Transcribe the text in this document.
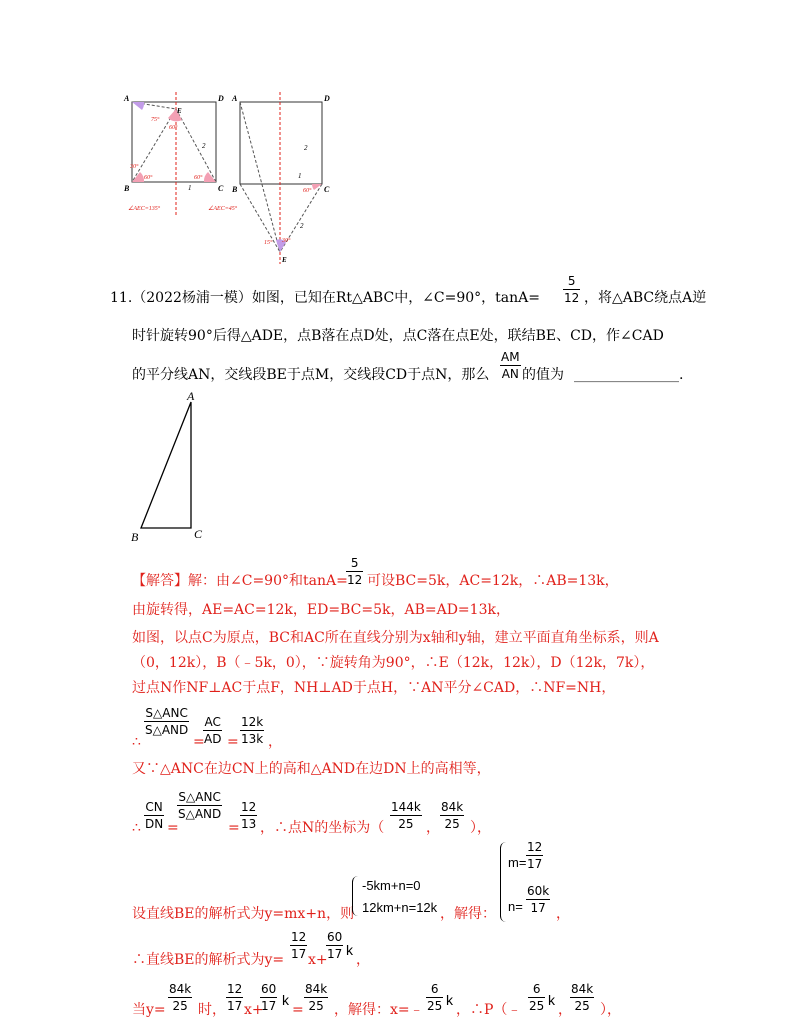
A	D
E
B	C
75°
60°
30°
60°	60°
2
1
∠AEC=135°
A	D
B	C
E
60°
15° 30°
2
1
2
∠AEC=45°
11.（2022杨浦一模）如图，已知在Rt△ABC中，∠C=90°，tanA=
5
12 ，将△ABC绕点A逆
时针旋转90°后得△ADE，点B落在点D处，点C落在点E处，联结BE、CD，作∠CAD
的平分线AN，交线段BE于点M，交线段CD于点N，那么
AM
AN 的值为 _______________.
A
B	C
【解答】解：由∠C=90°和tanA=
5
12 可设BC=5k，AC=12k，∴AB=13k，
由旋转得，AE=AC=12k，ED=BC=5k，AB=AD=13k，
如图，以点C为原点，BC和AC所在直线分别为x轴和y轴，建立平面直角坐标系，则A
（0，12k），B（﹣5k，0），∵旋转角为90°，∴E（12k，12k），D（12k，7k），
过点N作NF⊥AC于点F，NH⊥AD于点H，∵AN平分∠CAD，∴NF=NH，
∴
S△ANC
S△AND
=
AC
AD =
12k
13k ，
又∵△ANC在边CN上的高和△AND在边DN上的高相等，
∴
CN
DN =
S△ANC
S△AND
=
12
13 ，∴点N的坐标为（
144k
25 ，
84k
25 ），
设直线BE的解析式为y=mx+n，则
-5km+n=0
12km+n=12k ，解得：
m=
12
17
n=
60k
17 ，
∴直线BE的解析式为y=
12
17 x+
60
17 k
，
当y=
84k
25 时，
12
17 x+
60
17 k
=
84k
25 ，解得：x=﹣
6
25 k
，∴P（﹣
6
25 k
，
84k
25 ），
